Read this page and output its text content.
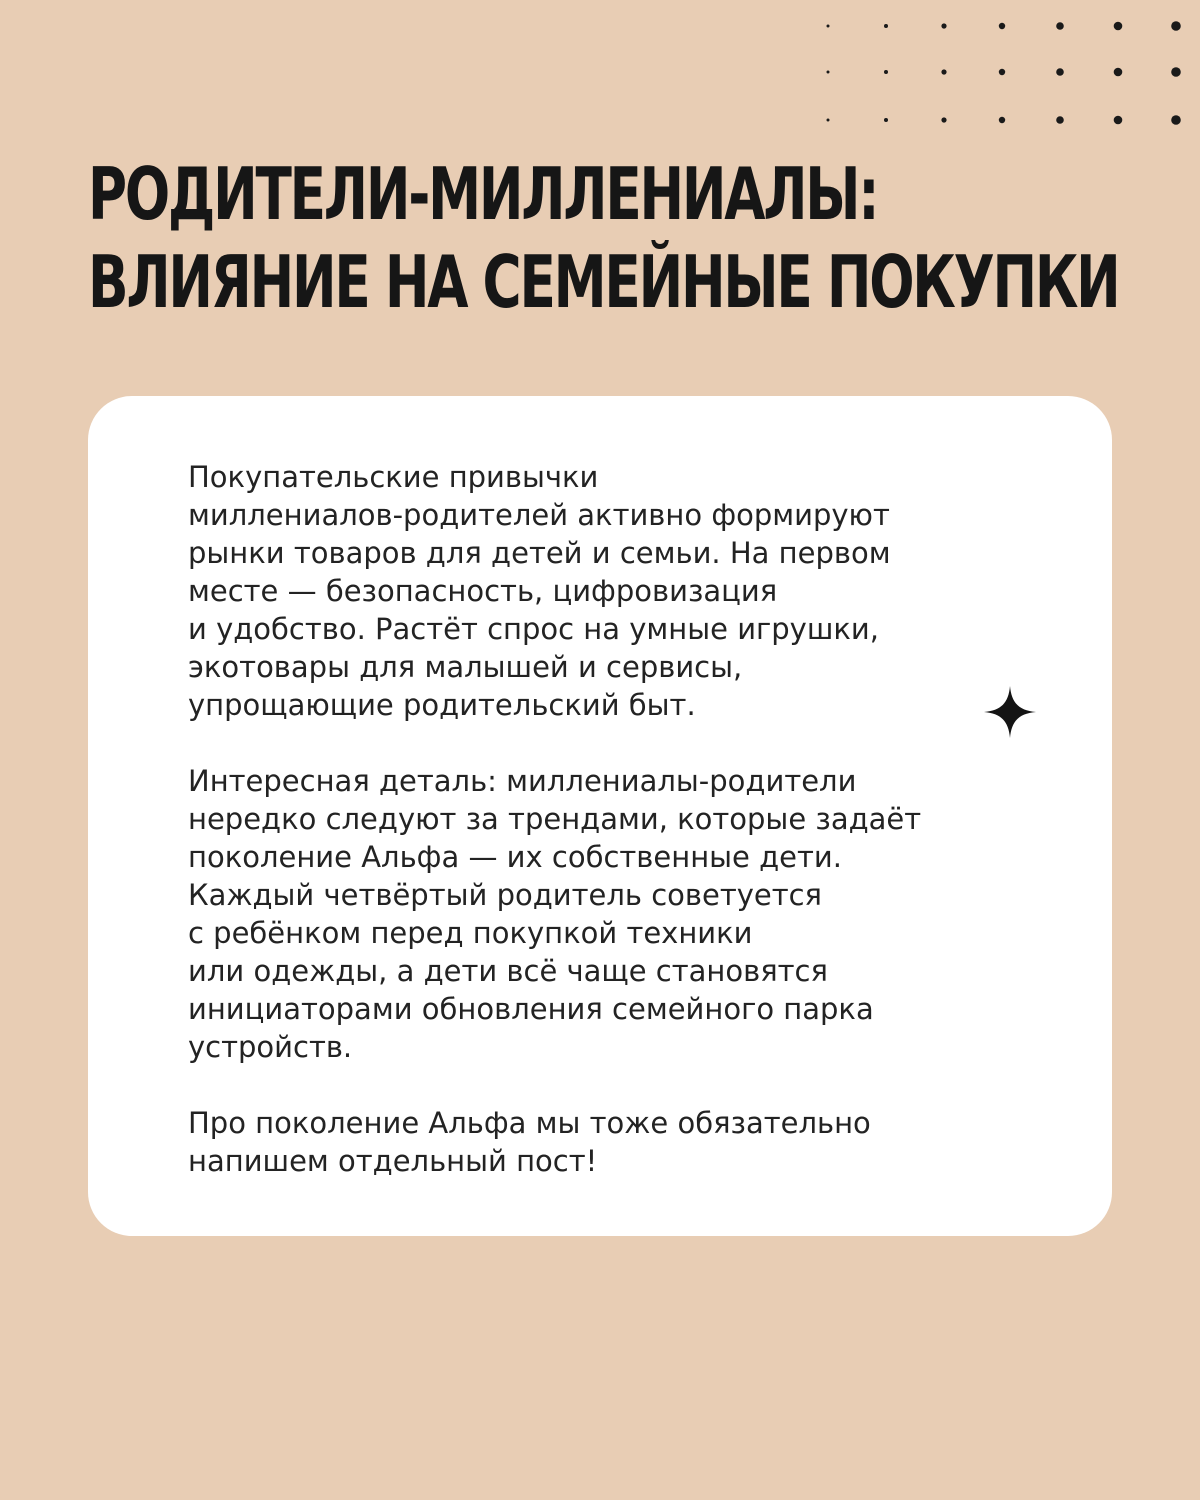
РОДИТЕЛИ-МИЛЛЕНИАЛЫ:
ВЛИЯНИЕ НА СЕМЕЙНЫЕ ПОКУПКИ

Покупательские привычки
миллениалов-родителей активно формируют
рынки товаров для детей и семьи. На первом
месте — безопасность, цифровизация
и удобство. Растёт спрос на умные игрушки,
экотовары для малышей и сервисы,
упрощающие родительский быт.

Интересная деталь: миллениалы-родители
нередко следуют за трендами, которые задаёт
поколение Альфа — их собственные дети.
Каждый четвёртый родитель советуется
с ребёнком перед покупкой техники
или одежды, а дети всё чаще становятся
инициаторами обновления семейного парка
устройств.

Про поколение Альфа мы тоже обязательно
напишем отдельный пост!
